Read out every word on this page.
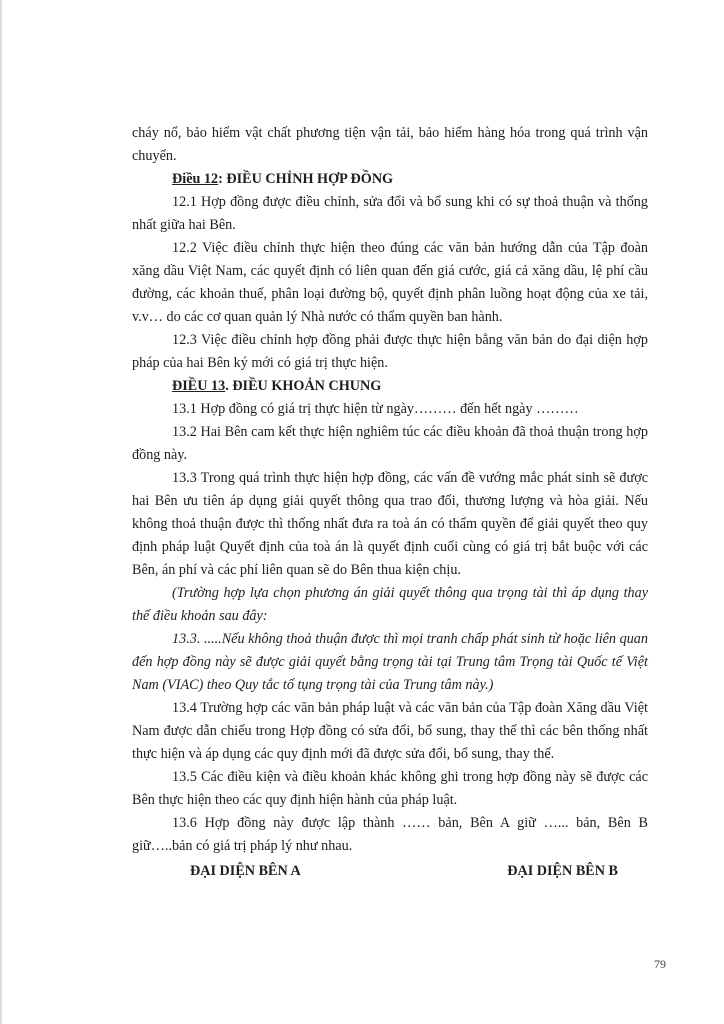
cháy nổ, bảo hiểm vật chất phương tiện vận tải, bảo hiểm hàng hóa trong quá trình vận chuyển.

Điều 12: ĐIỀU CHỈNH HỢP ĐỒNG

12.1 Hợp đồng được điều chỉnh, sửa đổi và bổ sung khi có sự thoả thuận và thống nhất giữa hai Bên.

12.2 Việc điều chỉnh thực hiện theo đúng các văn bản hướng dẫn của Tập đoàn xăng dầu Việt Nam, các quyết định có liên quan đến giá cước, giá cả xăng dầu, lệ phí cầu đường, các khoản thuế, phân loại đường bộ, quyết định phân luồng hoạt động của xe tải, v.v… do các cơ quan quản lý Nhà nước có thẩm quyền ban hành.

12.3 Việc điều chỉnh hợp đồng phải được thực hiện bằng văn bản do đại diện hợp pháp của hai Bên ký mới có giá trị thực hiện.

ĐIỀU 13. ĐIỀU KHOẢN CHUNG

13.1 Hợp đồng có giá trị thực hiện từ ngày……… đến hết ngày ………

13.2 Hai Bên cam kết thực hiện nghiêm túc các điều khoản đã thoả thuận trong hợp đồng này.

13.3 Trong quá trình thực hiện hợp đồng, các vấn đề vướng mắc phát sinh sẽ được hai Bên ưu tiên áp dụng giải quyết thông qua trao đổi, thương lượng và hòa giải. Nếu không thoả thuận được thì thống nhất đưa ra toà án có thẩm quyền để giải quyết theo quy định pháp luật Quyết định của toà án là quyết định cuối cùng có giá trị bắt buộc với các Bên, án phí và các phí liên quan sẽ do Bên thua kiện chịu.

(Trường hợp lựa chọn phương án giải quyết thông qua trọng tài thì áp dụng thay thế điều khoản sau đây:

13.3. .....Nếu không thoả thuận được thì mọi tranh chấp phát sinh từ hoặc liên quan đến hợp đồng này sẽ được giải quyết bằng trọng tài tại Trung tâm Trọng tài Quốc tế Việt Nam (VIAC) theo Quy tắc tố tụng trọng tài của Trung tâm này.)

13.4 Trường hợp các văn bản pháp luật và các văn bản của Tập đoàn Xăng dầu Việt Nam được dẫn chiếu trong Hợp đồng có sửa đổi, bổ sung, thay thế thì các bên thống nhất thực hiện và áp dụng các quy định mới đã được sửa đổi, bổ sung, thay thế.

13.5 Các điều kiện và điều khoản khác không ghi trong hợp đồng này sẽ được các Bên thực hiện theo các quy định hiện hành của pháp luật.

13.6 Hợp đồng này được lập thành …… bản, Bên A giữ …... bản, Bên B giữ…..bản có giá trị pháp lý như nhau.

ĐẠI DIỆN BÊN A	ĐẠI DIỆN BÊN B
79
